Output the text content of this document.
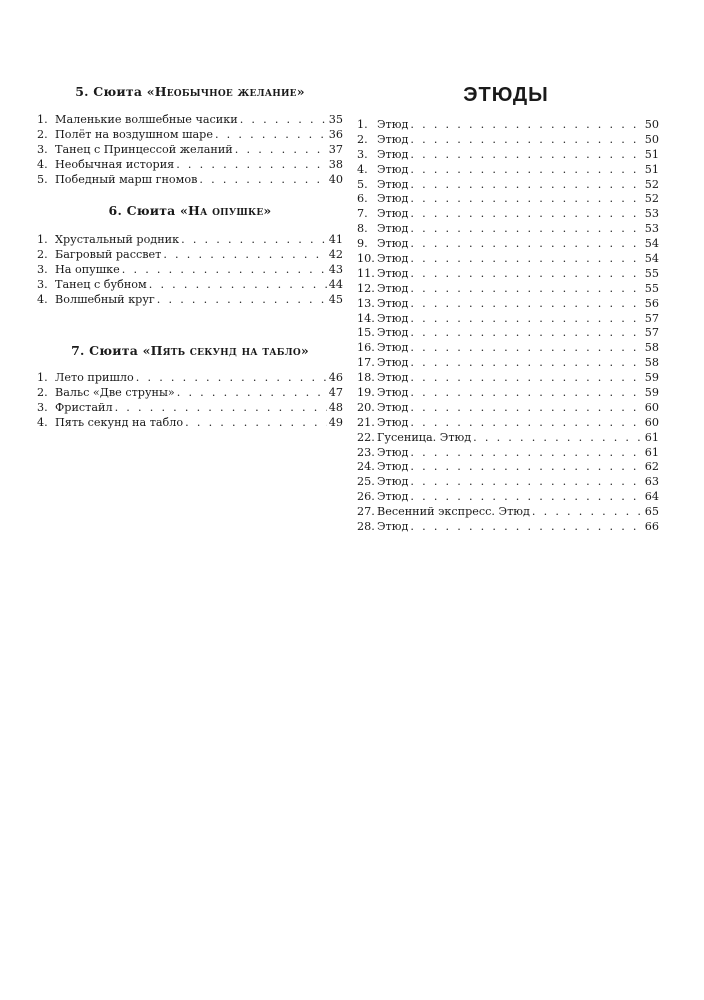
5. Сюита «Необычное желание»
1. Маленькие волшебные часики . . .	35
2. Полёт на воздушном шаре . . .	36
3. Танец с Принцессой желаний . . .	37
4. Необычная история . . .	38
5. Победный марш гномов . . .	40
6. Сюита «На опушке»
1. Хрустальный родник . . .	41
2. Багровый рассвет . . .	42
3. На опушке . . .	43
3. Танец с бубном . . .	44
4. Волшебный круг . . .	45
7. Сюита «Пять секунд на табло»
1. Лето пришло . . .	46
2. Вальс «Две струны» . . .	47
3. Фристайл . . .	48
4. Пять секунд на табло . . .	49
ЭТЮДЫ
1. Этюд . . .	50
2. Этюд . . .	50
3. Этюд . . .	51
4. Этюд . . .	51
5. Этюд . . .	52
6. Этюд . . .	52
7. Этюд . . .	53
8. Этюд . . .	53
9. Этюд . . .	54
10. Этюд . . .	54
11. Этюд . . .	55
12. Этюд . . .	55
13. Этюд . . .	56
14. Этюд . . .	57
15. Этюд . . .	57
16. Этюд . . .	58
17. Этюд . . .	58
18. Этюд . . .	59
19. Этюд . . .	59
20. Этюд . . .	60
21. Этюд . . .	60
22. Гусеница. Этюд . . .	61
23. Этюд . . .	61
24. Этюд . . .	62
25. Этюд . . .	63
26. Этюд . . .	64
27. Весенний экспресс. Этюд . . .	65
28. Этюд . . .	66
